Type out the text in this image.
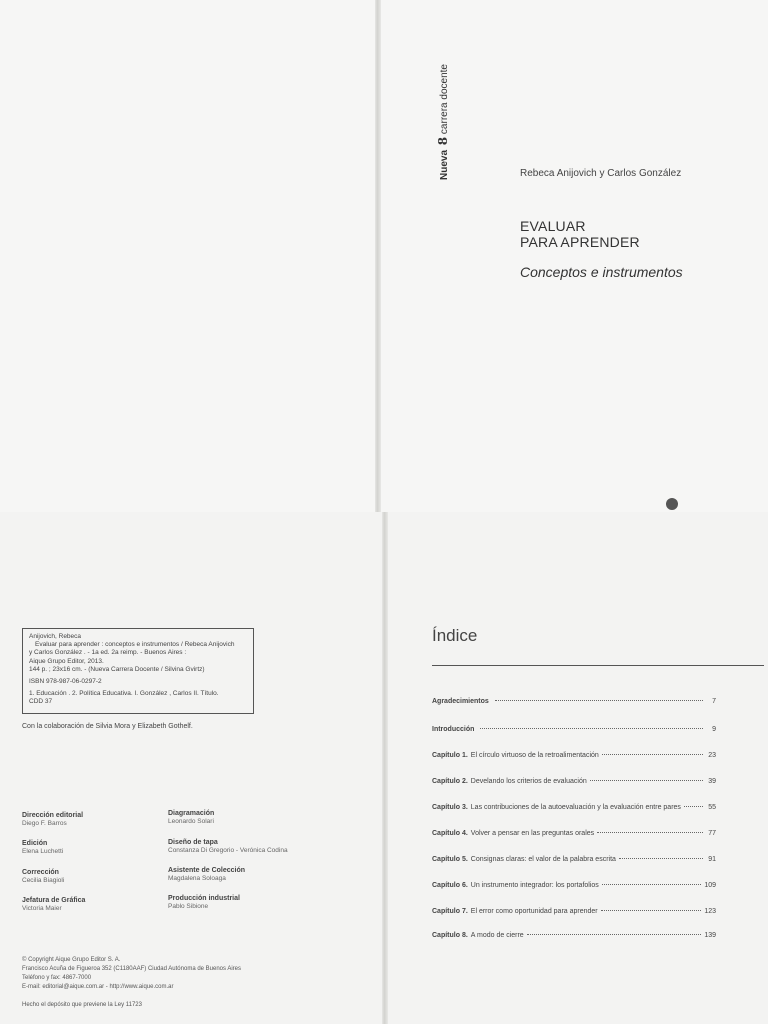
Nueva 8 carrera docente
Rebeca Anijovich y Carlos González
EVALUAR
PARA APRENDER
Conceptos e instrumentos
Anijovich, Rebeca
Evaluar para aprender : conceptos e instrumentos / Rebeca Anijovich
y Carlos González . - 1a ed. 2a reimp. - Buenos Aires :
Aique Grupo Editor, 2013.
144 p. ; 23x16 cm. - (Nueva Carrera Docente / Silvina Gvirtz)
ISBN 978-987-06-0297-2
1. Educación . 2. Política Educativa. I. González , Carlos II. Título.
CDD 37
Con la colaboración de Silvia Mora y Elizabeth Gothelf.
Dirección editorial
Diego F. Barros
Diagramación
Leonardo Solari
Edición
Elena Luchetti
Diseño de tapa
Constanza Di Gregorio - Verónica Codina
Corrección
Cecilia Biagioli
Asistente de Colección
Magdalena Soloaga
Jefatura de Gráfica
Victoria Maier
Producción industrial
Pablo Sibione
© Copyright Aique Grupo Editor S. A.
Francisco Acuña de Figueroa 352 (C1180AAF) Ciudad Autónoma de Buenos Aires
Teléfono y fax: 4867-7000
E-mail: editorial@aique.com.ar - http://www.aique.com.ar
Hecho el depósito que previene la Ley 11723
Índice
Agradecimientos	7
Introducción	9
Capítulo 1. El círculo virtuoso de la retroalimentación	23
Capítulo 2. Develando los criterios de evaluación	39
Capítulo 3. Las contribuciones de la autoevaluación y la evaluación entre pares	55
Capítulo 4. Volver a pensar en las preguntas orales	77
Capítulo 5. Consignas claras: el valor de la palabra escrita	91
Capítulo 6. Un instrumento integrador: los portafolios	109
Capítulo 7. El error como oportunidad para aprender	123
Capítulo 8. A modo de cierre	139
